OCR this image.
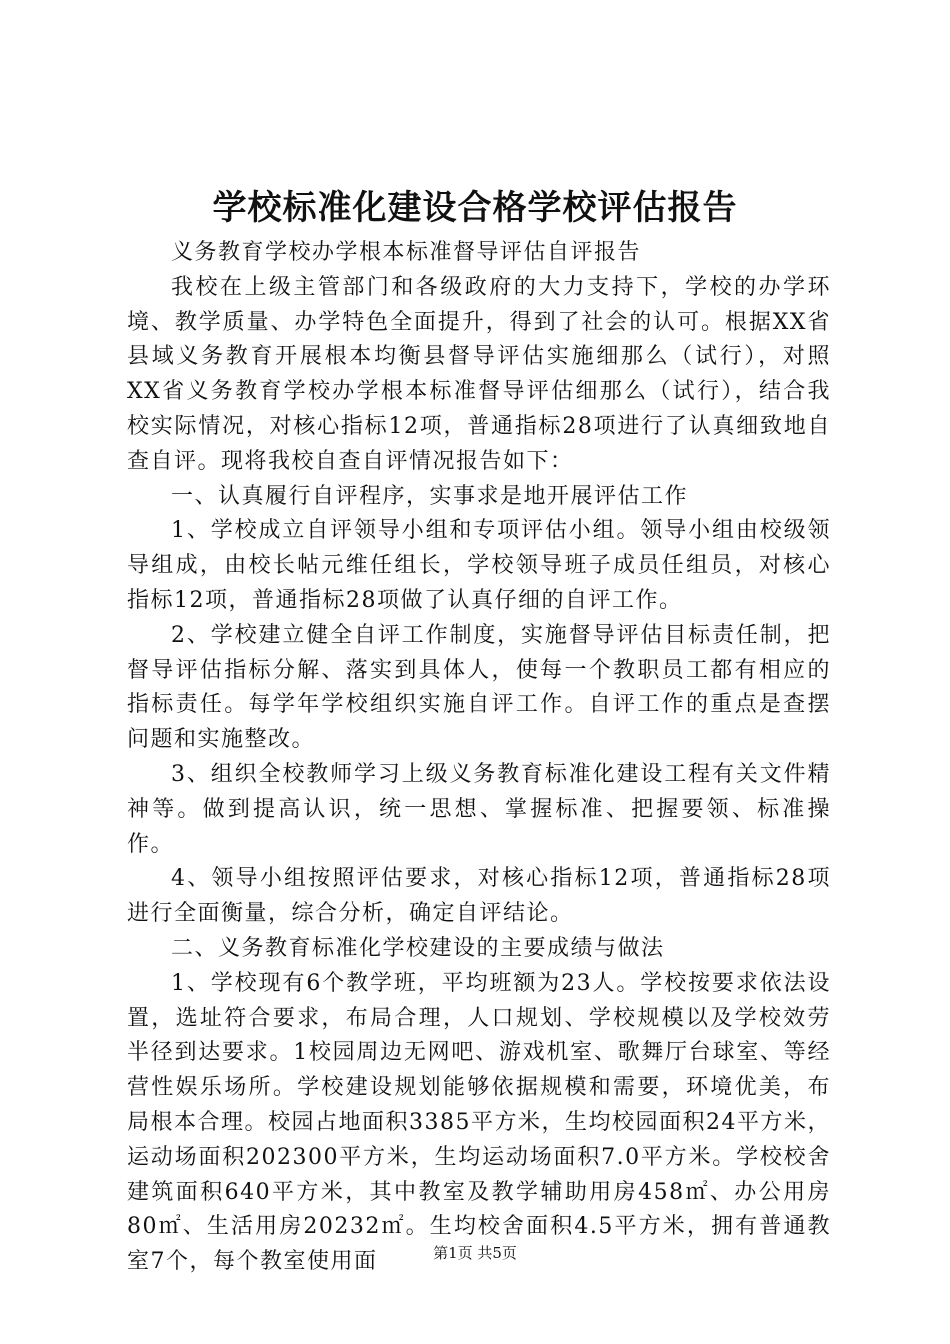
学校标准化建设合格学校评估报告

义务教育学校办学根本标准督导评估自评报告

我校在上级主管部门和各级政府的大力支持下，学校的办学环境、教学质量、办学特色全面提升，得到了社会的认可。根据XX省县域义务教育开展根本均衡县督导评估实施细那么（试行），对照XX省义务教育学校办学根本标准督导评估细那么（试行），结合我校实际情况，对核心指标12项，普通指标28项进行了认真细致地自查自评。现将我校自查自评情况报告如下：

一、认真履行自评程序，实事求是地开展评估工作

1、学校成立自评领导小组和专项评估小组。领导小组由校级领导组成，由校长帖元维任组长，学校领导班子成员任组员，对核心指标12项，普通指标28项做了认真仔细的自评工作。

2、学校建立健全自评工作制度，实施督导评估目标责任制，把督导评估指标分解、落实到具体人，使每一个教职员工都有相应的指标责任。每学年学校组织实施自评工作。自评工作的重点是查摆问题和实施整改。

3、组织全校教师学习上级义务教育标准化建设工程有关文件精神等。做到提高认识，统一思想、掌握标准、把握要领、标准操作。

4、领导小组按照评估要求，对核心指标12项，普通指标28项进行全面衡量，综合分析，确定自评结论。

二、义务教育标准化学校建设的主要成绩与做法

1、学校现有6个教学班，平均班额为23人。学校按要求依法设置，选址符合要求，布局合理，人口规划、学校规模以及学校效劳半径到达要求。1校园周边无网吧、游戏机室、歌舞厅台球室、等经营性娱乐场所。学校建设规划能够依据规模和需要，环境优美，布局根本合理。校园占地面积3385平方米，生均校园面积24平方米，运动场面积202300平方米，生均运动场面积7.0平方米。学校校舍建筑面积640平方米，其中教室及教学辅助用房458㎡、办公用房80㎡、生活用房20232㎡。生均校舍面积4.5平方米，拥有普通教室7个，每个教室使用面	第1页 共5页
